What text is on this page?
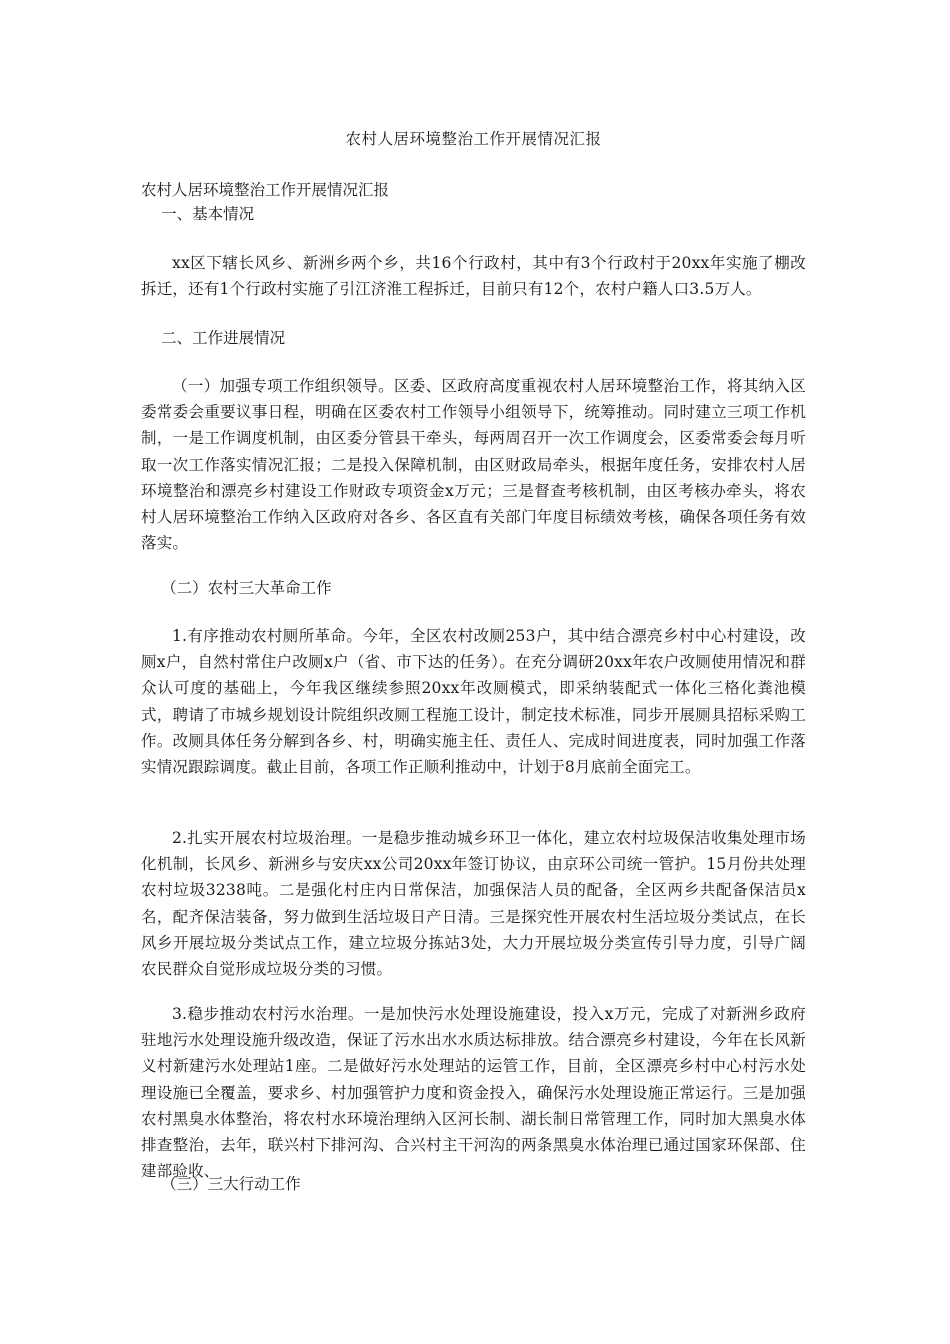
农村人居环境整治工作开展情况汇报
农村人居环境整治工作开展情况汇报

一、基本情况

xx区下辖长风乡、新洲乡两个乡，共16个行政村，其中有3个行政村于20xx年实施了棚改拆迁，还有1个行政村实施了引江济淮工程拆迁，目前只有12个，农村户籍人口3.5万人。

二、工作进展情况

（一）加强专项工作组织领导。区委、区政府高度重视农村人居环境整治工作，将其纳入区委常委会重要议事日程，明确在区委农村工作领导小组领导下，统筹推动。同时建立三项工作机制，一是工作调度机制，由区委分管县干牵头，每两周召开一次工作调度会，区委常委会每月听取一次工作落实情况汇报；二是投入保障机制，由区财政局牵头，根据年度任务，安排农村人居环境整治和漂亮乡村建设工作财政专项资金x万元；三是督查考核机制，由区考核办牵头，将农村人居环境整治工作纳入区政府对各乡、各区直有关部门年度目标绩效考核，确保各项任务有效落实。

（二）农村三大革命工作

1.有序推动农村厕所革命。今年，全区农村改厕253户，其中结合漂亮乡村中心村建设，改厕x户，自然村常住户改厕x户（省、市下达的任务）。在充分调研20xx年农户改厕使用情况和群众认可度的基础上，今年我区继续参照20xx年改厕模式，即采纳装配式一体化三格化粪池模式，聘请了市城乡规划设计院组织改厕工程施工设计，制定技术标准，同步开展厕具招标采购工作。改厕具体任务分解到各乡、村，明确实施主任、责任人、完成时间进度表，同时加强工作落实情况跟踪调度。截止目前，各项工作正顺利推动中，计划于8月底前全面完工。

2.扎实开展农村垃圾治理。一是稳步推动城乡环卫一体化，建立农村垃圾保洁收集处理市场化机制，长风乡、新洲乡与安庆xx公司20xx年签订协议，由京环公司统一管护。15月份共处理农村垃圾3238吨。二是强化村庄内日常保洁，加强保洁人员的配备，全区两乡共配备保洁员x名，配齐保洁装备，努力做到生活垃圾日产日清。三是探究性开展农村生活垃圾分类试点，在长风乡开展垃圾分类试点工作，建立垃圾分拣站3处，大力开展垃圾分类宣传引导力度，引导广阔农民群众自觉形成垃圾分类的习惯。

3.稳步推动农村污水治理。一是加快污水处理设施建设，投入x万元，完成了对新洲乡政府驻地污水处理设施升级改造，保证了污水出水水质达标排放。结合漂亮乡村建设，今年在长风新义村新建污水处理站1座。二是做好污水处理站的运管工作，目前，全区漂亮乡村中心村污水处理设施已全覆盖，要求乡、村加强管护力度和资金投入，确保污水处理设施正常运行。三是加强农村黑臭水体整治，将农村水环境治理纳入区河长制、湖长制日常管理工作，同时加大黑臭水体排查整治，去年，联兴村下排河沟、合兴村主干河沟的两条黑臭水体治理已通过国家环保部、住建部验收、

（三）三大行动工作
